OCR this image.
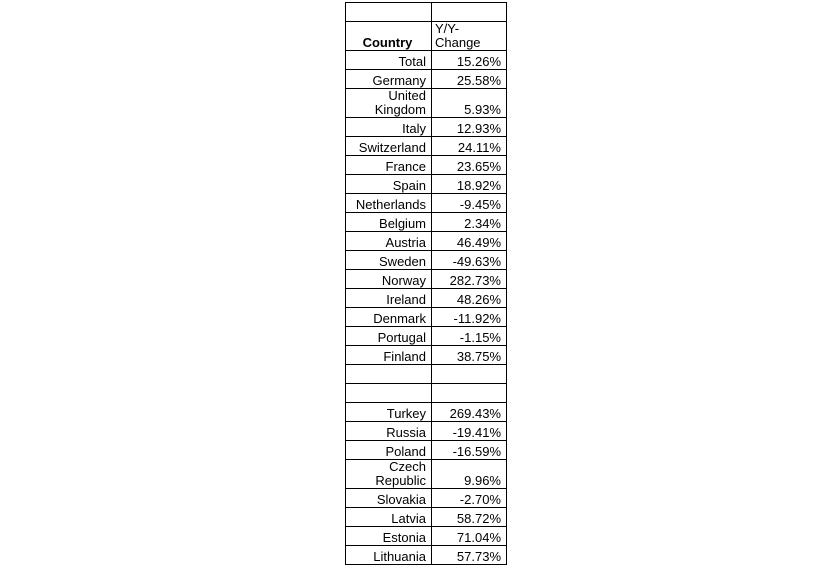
Country	Y/Y-Change
Total	15.26%
Germany	25.58%
United Kingdom	5.93%
Italy	12.93%
Switzerland	24.11%
France	23.65%
Spain	18.92%
Netherlands	-9.45%
Belgium	2.34%
Austria	46.49%
Sweden	-49.63%
Norway	282.73%
Ireland	48.26%
Denmark	-11.92%
Portugal	-1.15%
Finland	38.75%

Turkey	269.43%
Russia	-19.41%
Poland	-16.59%
Czech Republic	9.96%
Slovakia	-2.70%
Latvia	58.72%
Estonia	71.04%
Lithuania	57.73%
